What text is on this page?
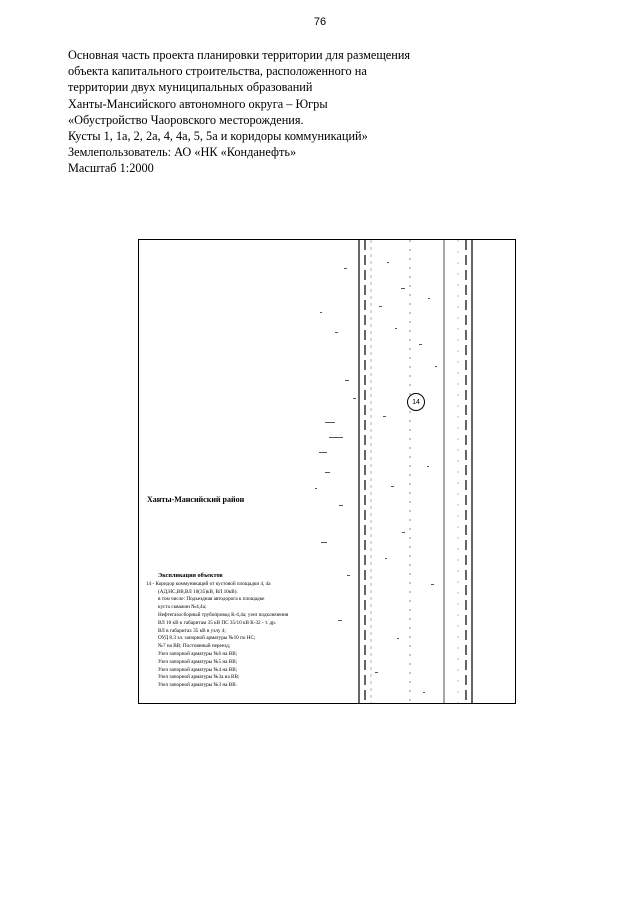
76
Основная часть проекта планировки территории для размещения
объекта капитального строительства, расположенного на
территории двух муниципальных образований
Ханты-Мансийского автономного округа – Югры
«Обустройство Чаоровского месторождения.
Кусты 1, 1а, 2, 2а, 4, 4а, 5, 5а и коридоры коммуникаций»
Землепользователь: АО «НК «Конданефть»
Масштаб 1:2000
14
Ханты-Мансийский район
Экспликация объектов
14 - Коридор коммуникаций от кустовой площадки 4, 4а
(АД,НС,ВВ,ВЛ 10(35)кВ, ВЛ 10кВ).
в том числе: Подъездная автодорога к площадке
куста скважин №4,4а;
Нефтегазосборный трубопровод К-4,4а; узел подключения
ВЛ 10 кВ к габаритам 35 кВ ПС 35/10 кВ К-32 - т. др.
ВЛ в габаритах 35 кВ в узлу 4;
ОУД 8.3 эл. запорной арматуры №10 по НС;
№7 на ВВ; Постоянный переезд;
Узел запорной арматуры №6 на ВВ;
Узел запорной арматуры №5 на ВВ;
Узел запорной арматуры №4 на ВВ;
Узел запорной арматуры №3а на ВВ;
Узел запорной арматуры №3 на ВВ.
